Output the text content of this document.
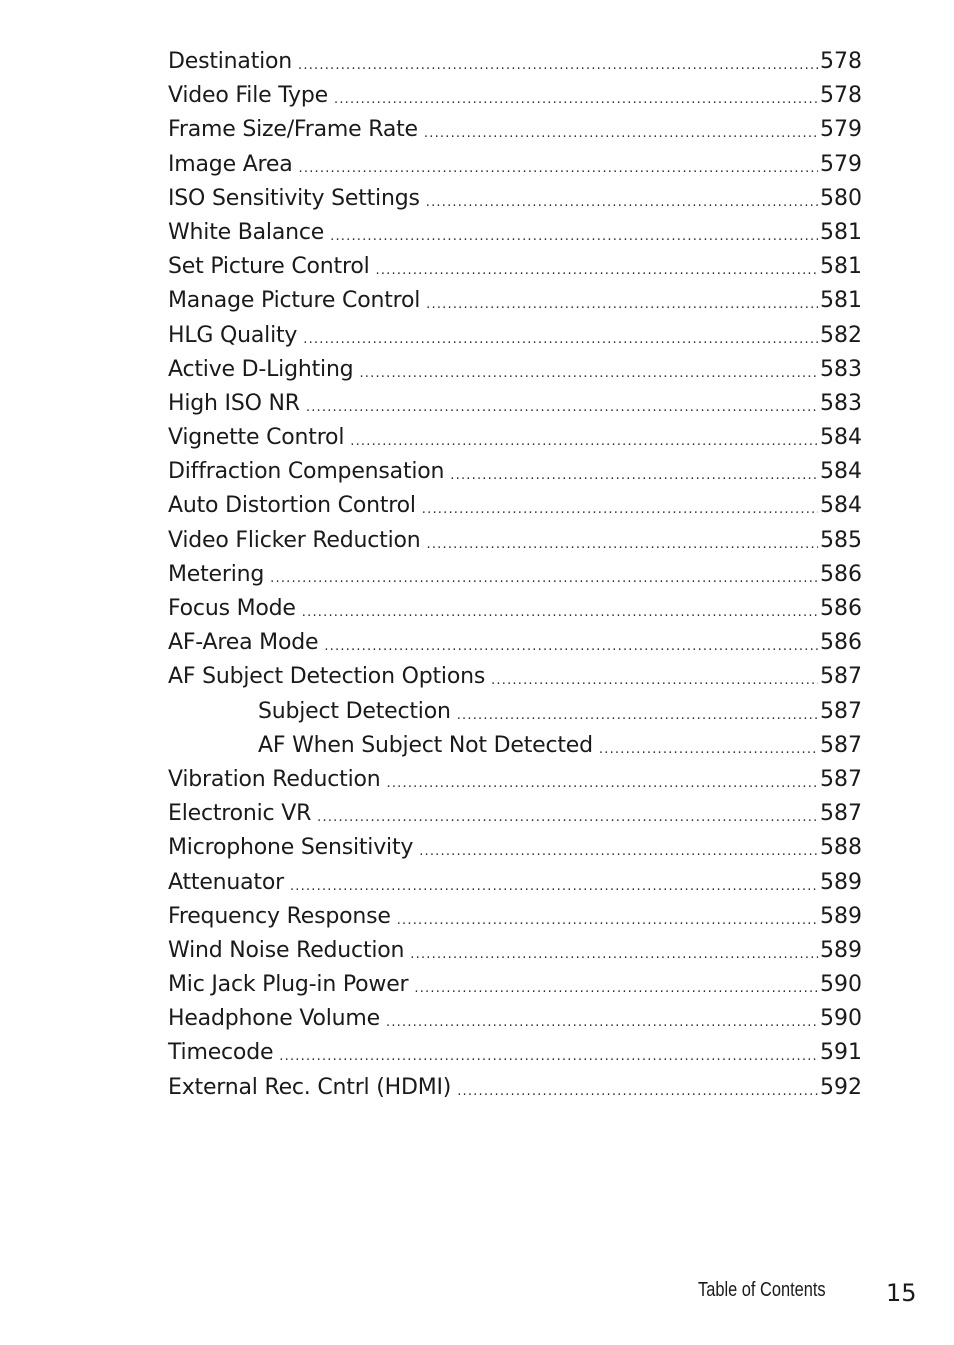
Destination .....	578
Video File Type .....	578
Frame Size/Frame Rate .....	579
Image Area .....	579
ISO Sensitivity Settings .....	580
White Balance .....	581
Set Picture Control .....	581
Manage Picture Control .....	581
HLG Quality .....	582
Active D-Lighting .....	583
High ISO NR .....	583
Vignette Control .....	584
Diffraction Compensation .....	584
Auto Distortion Control .....	584
Video Flicker Reduction .....	585
Metering .....	586
Focus Mode .....	586
AF-Area Mode .....	586
AF Subject Detection Options .....	587
Subject Detection .....	587
AF When Subject Not Detected .....	587
Vibration Reduction .....	587
Electronic VR .....	587
Microphone Sensitivity .....	588
Attenuator .....	589
Frequency Response .....	589
Wind Noise Reduction .....	589
Mic Jack Plug-in Power .....	590
Headphone Volume .....	590
Timecode .....	591
External Rec. Cntrl (HDMI) .....	592
Table of Contents	15
